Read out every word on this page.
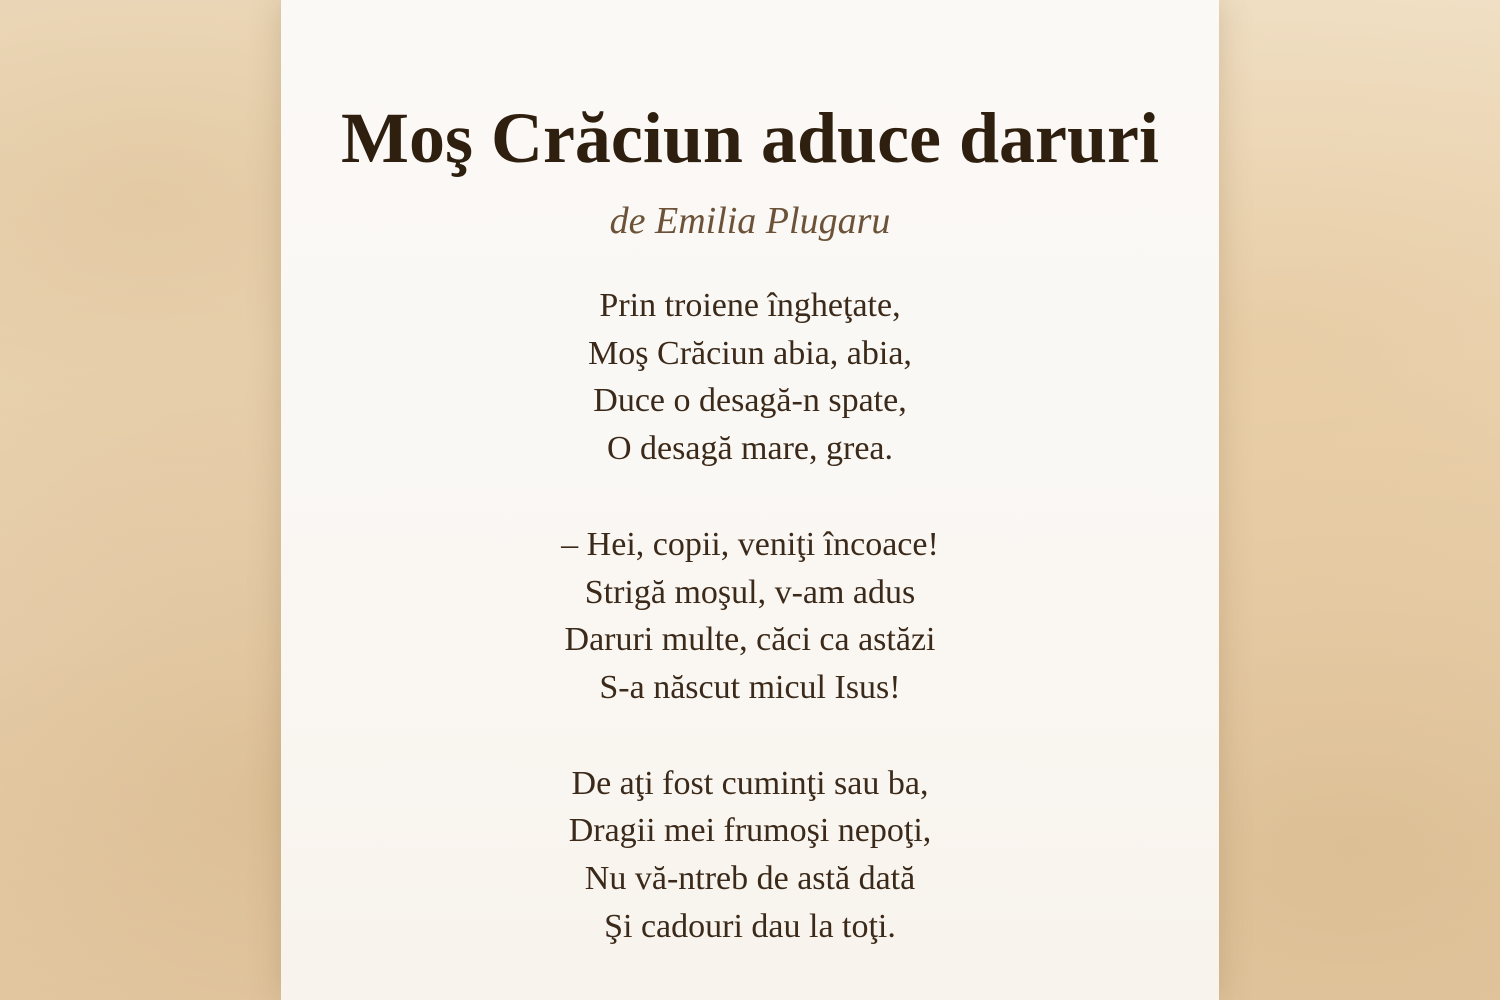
Moş Crăciun aduce daruri
de Emilia Plugaru
Prin troiene îngheţate,
Moş Crăciun abia, abia,
Duce o desagă-n spate,
O desagă mare, grea.
– Hei, copii, veniţi încoace!
Strigă moşul, v-am adus
Daruri multe, căci ca astăzi
S-a născut micul Isus!
De aţi fost cuminţi sau ba,
Dragii mei frumoşi nepoţi,
Nu vă-ntreb de astă dată
Şi cadouri dau la toţi.
